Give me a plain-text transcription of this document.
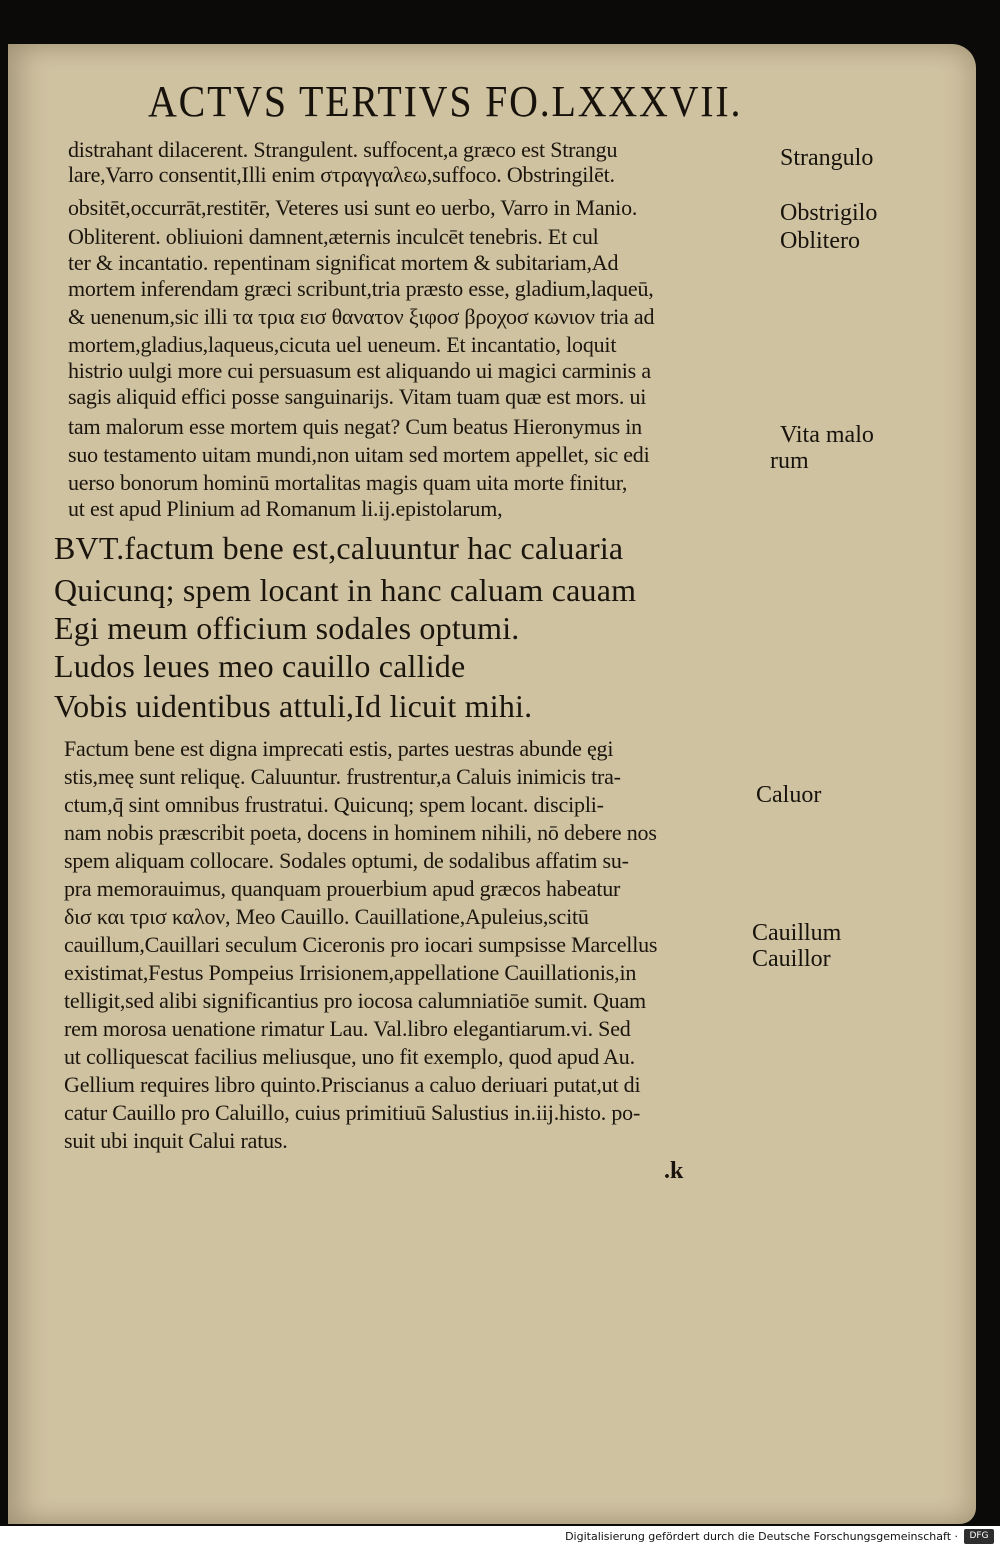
ACTVS TERTIVS FO.LXXXVII.
distrahant dilacerent. Strangulent. suffocent,a græco est Strangu
lare,Varro consentit,Illi enim στραγγαλεω,suffoco. Obstringilēt.
obsitēt,occurrāt,restitēr, Veteres usi sunt eo uerbo, Varro in Manio.
Obliterent. obliuioni damnent,æternis inculcēt tenebris. Et cul
ter & incantatio. repentinam significat mortem & subitariam,Ad
mortem inferendam græci scribunt,tria præsto esse, gladium,laqueū,
& uenenum,sic illi τα τρια εισ θανατον ξιφοσ βροχοσ κωνιον tria ad
mortem,gladius,laqueus,cicuta uel ueneum. Et incantatio, loquit
histrio uulgi more cui persuasum est aliquando ui magici carminis a
sagis aliquid effici posse sanguinarijs. Vitam tuam quæ est mors. ui
tam malorum esse mortem quis negat? Cum beatus Hieronymus in
suo testamento uitam mundi,non uitam sed mortem appellet, sic edi
uerso bonorum hominū mortalitas magis quam uita morte finitur,
ut est apud Plinium ad Romanum li.ij.epistolarum,
BVT.factum bene est,caluuntur hac caluaria
Quicunq; spem locant in hanc caluam cauam
Egi meum officium sodales optumi.
Ludos leues meo cauillo callide
Vobis uidentibus attuli,Id licuit mihi.
Factum bene est digna imprecati estis, partes uestras abunde ęgi
stis,meę sunt reliquę. Caluuntur. frustrentur,a Caluis inimicis tra-
ctum,q̄ sint omnibus frustratui. Quicunq; spem locant. discipli-
nam nobis præscribit poeta, docens in hominem nihili, nō debere nos
spem aliquam collocare. Sodales optumi, de sodalibus affatim su-
pra memorauimus, quanquam prouerbium apud græcos habeatur
δισ και τρισ καλον, Meo Cauillo. Cauillatione,Apuleius,scitū
cauillum,Cauillari seculum Ciceronis pro iocari sumpsisse Marcellus
existimat,Festus Pompeius Irrisionem,appellatione Cauillationis,in
telligit,sed alibi significantius pro iocosa calumniatiōe sumit. Quam
rem morosa uenatione rimatur Lau. Val.libro elegantiarum.vi. Sed
ut colliquescat facilius meliusque, uno fit exemplo, quod apud Au.
Gellium requires libro quinto.Priscianus a caluo deriuari putat,ut di
catur Cauillo pro Caluillo, cuius primitiuū Salustius in.iij.histo. po-
suit ubi inquit Calui ratus.
Strangulo
Obstrigilo
Oblitero
Vita malo
rum
Caluor
Cauillum
Cauillor
.k
Digitalisierung gefördert durch die Deutsche Forschungsgemeinschaft ·	DFG
